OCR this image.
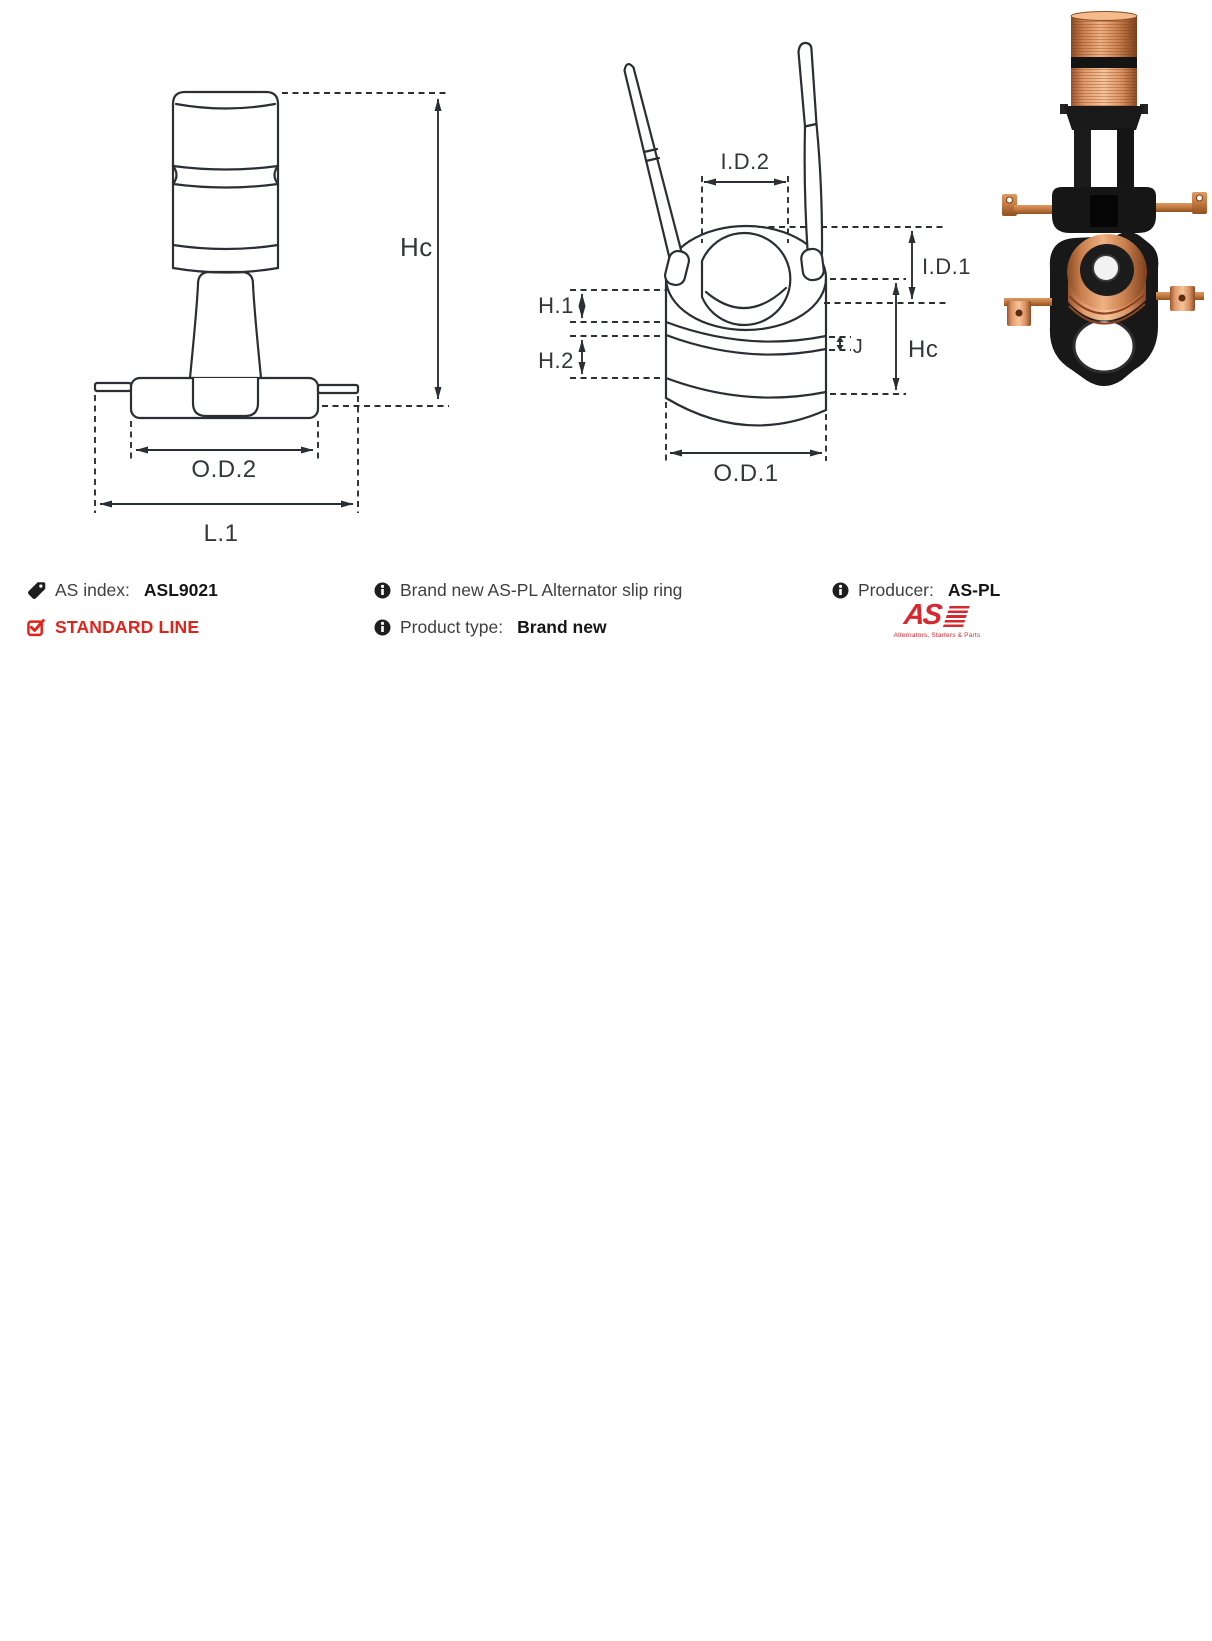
Hc
O.D.2
L.1
I.D.2
I.D.1
H.1
H.2
J Hc
O.D.1
AS index: ASL9021
STANDARD LINE
Brand new AS-PL Alternator slip ring
Product type: Brand new
Producer: AS-PL
AS
Alternators, Starters & Parts
